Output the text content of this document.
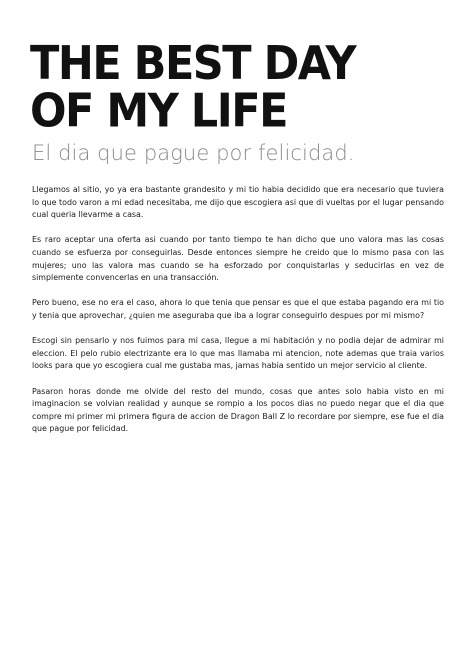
THE BEST DAY
OF MY LIFE
El dia que pague por felicidad.

Llegamos al sitio, yo ya era bastante grandesito y mi tio habia decidido que era necesario que tuviera lo que todo varon a mi edad necesitaba, me dijo que escogiera asi que di vueltas por el lugar pensando cual queria llevarme a casa.

Es raro aceptar una oferta asi cuando por tanto tiempo te han dicho que uno valora mas las cosas cuando se esfuerza por conseguirlas. Desde entonces siempre he creido que lo mismo pasa con las mujeres; uno las valora mas cuando se ha esforzado por conquistarlas y seducirlas en vez de simplemente convencerlas en una transacción.

Pero bueno, ese no era el caso, ahora lo que tenia que pensar es que el que estaba pagando era mi tio y tenia que aprovechar, ¿quien me aseguraba que iba a lograr conseguirlo despues por mi mismo?

Escogi sin pensarlo y nos fuimos para mi casa, llegue a mi habitación y no podia dejar de admirar mi eleccion. El pelo rubio electrizante era lo que mas llamaba mi atencion, note ademas que traia varios looks para que yo escogiera cual me gustaba mas, jamas habia sentido un mejor servicio al cliente.

Pasaron horas donde me olvide del resto del mundo, cosas que antes solo habia visto en mi imaginacion se volvian realidad y aunque se rompio a los pocos dias no puedo negar que el dia que compre mi primer mi primera figura de accion de Dragon Ball Z lo recordare por siempre, ese fue el dia que pague por felicidad.
